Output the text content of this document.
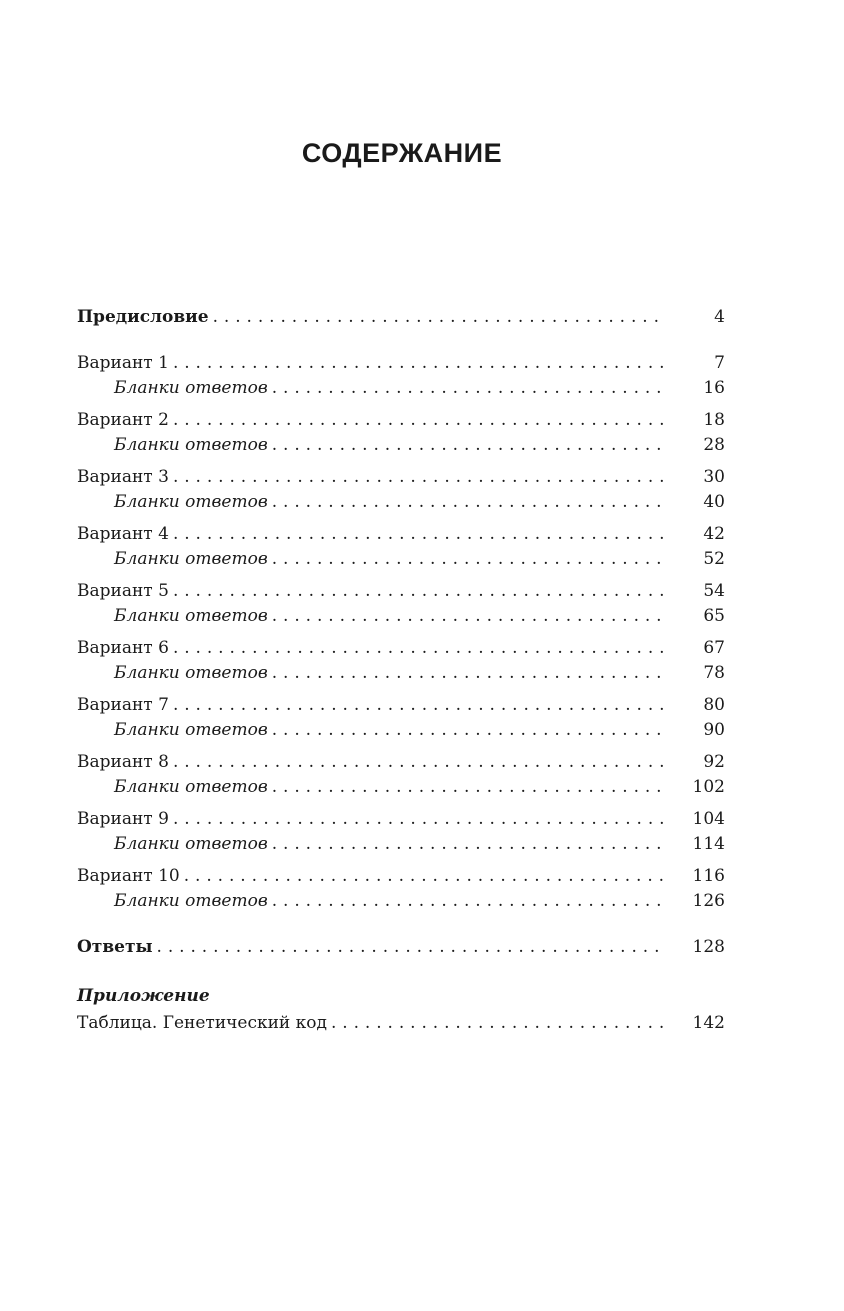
СОДЕРЖАНИЕ
Предисловие . . .	4
Вариант 1 . . .	7
Бланки ответов . . .	16
Вариант 2 . . .	18
Бланки ответов . . .	28
Вариант 3 . . .	30
Бланки ответов . . .	40
Вариант 4 . . .	42
Бланки ответов . . .	52
Вариант 5 . . .	54
Бланки ответов . . .	65
Вариант 6 . . .	67
Бланки ответов . . .	78
Вариант 7 . . .	80
Бланки ответов . . .	90
Вариант 8 . . .	92
Бланки ответов . . .	102
Вариант 9 . . .	104
Бланки ответов . . .	114
Вариант 10 . . .	116
Бланки ответов . . .	126
Ответы . . .	128
Приложение
Таблица. Генетический код . . .	142
